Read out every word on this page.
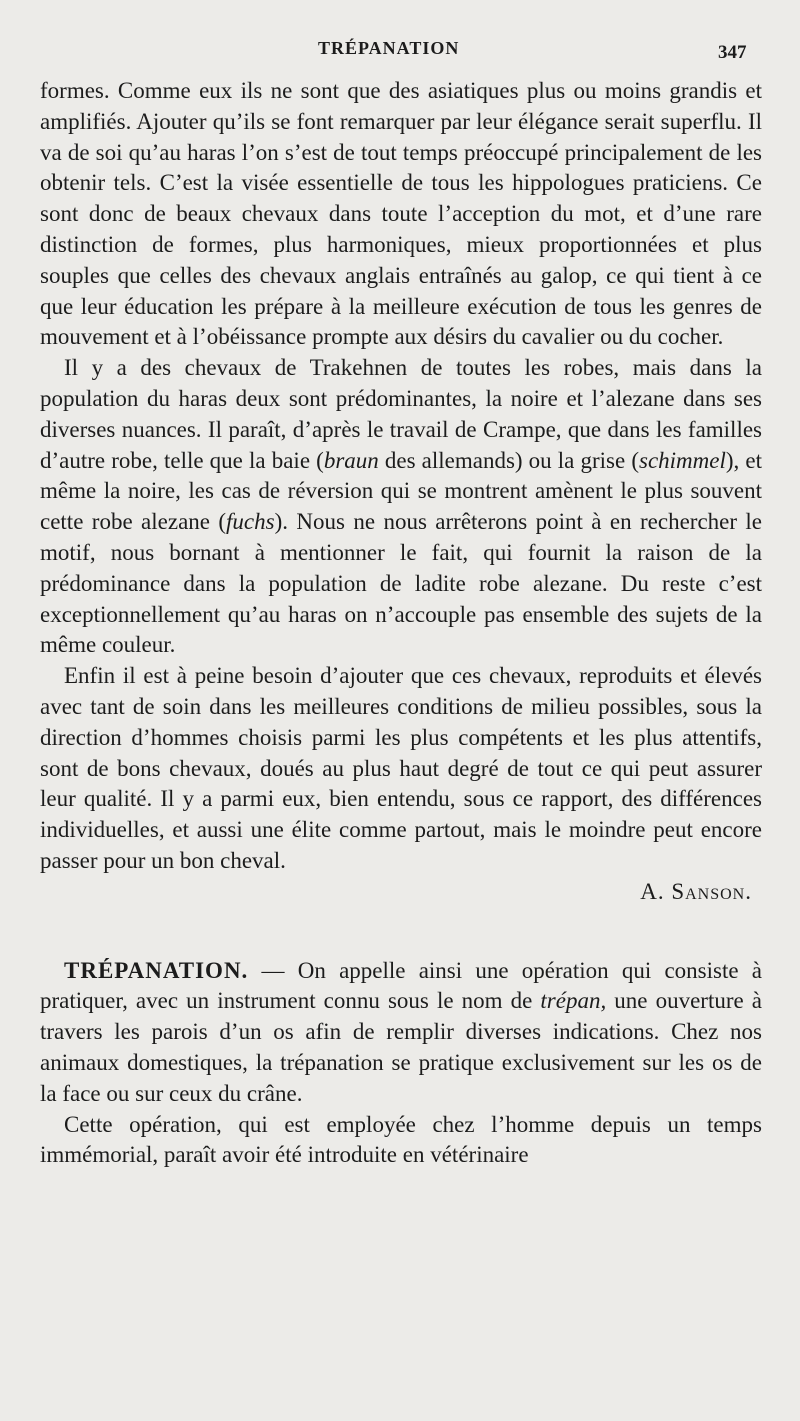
TRÉPANATION	347

formes. Comme eux ils ne sont que des asiatiques plus ou moins grandis et amplifiés. Ajouter qu’ils se font remarquer par leur élégance serait superflu. Il va de soi qu’au haras l’on s’est de tout temps préoccupé principalement de les obtenir tels. C’est la visée essentielle de tous les hippologues praticiens. Ce sont donc de beaux chevaux dans toute l’acception du mot, et d’une rare distinction de formes, plus harmoniques, mieux proportionnées et plus souples que celles des chevaux anglais entraînés au galop, ce qui tient à ce que leur éducation les prépare à la meilleure exécution de tous les genres de mouvement et à l’obéissance prompte aux désirs du cavalier ou du cocher.

Il y a des chevaux de Trakehnen de toutes les robes, mais dans la population du haras deux sont prédominantes, la noire et l’alezane dans ses diverses nuances. Il paraît, d’après le travail de Crampe, que dans les familles d’autre robe, telle que la baie (braun des allemands) ou la grise (schimmel), et même la noire, les cas de réversion qui se montrent amènent le plus souvent cette robe alezane (fuchs). Nous ne nous arrêterons point à en rechercher le motif, nous bornant à mentionner le fait, qui fournit la raison de la prédominance dans la population de ladite robe alezane. Du reste c’est exceptionnellement qu’au haras on n’accouple pas ensemble des sujets de la même couleur.

Enfin il est à peine besoin d’ajouter que ces chevaux, reproduits et élevés avec tant de soin dans les meilleures conditions de milieu possibles, sous la direction d’hommes choisis parmi les plus compétents et les plus attentifs, sont de bons chevaux, doués au plus haut degré de tout ce qui peut assurer leur qualité. Il y a parmi eux, bien entendu, sous ce rapport, des différences individuelles, et aussi une élite comme partout, mais le moindre peut encore passer pour un bon cheval.

A. Sanson.

TRÉPANATION. — On appelle ainsi une opération qui consiste à pratiquer, avec un instrument connu sous le nom de trépan, une ouverture à travers les parois d’un os afin de remplir diverses indications. Chez nos animaux domestiques, la trépanation se pratique exclusivement sur les os de la face ou sur ceux du crâne.

Cette opération, qui est employée chez l’homme depuis un temps immémorial, paraît avoir été introduite en vétérinaire
